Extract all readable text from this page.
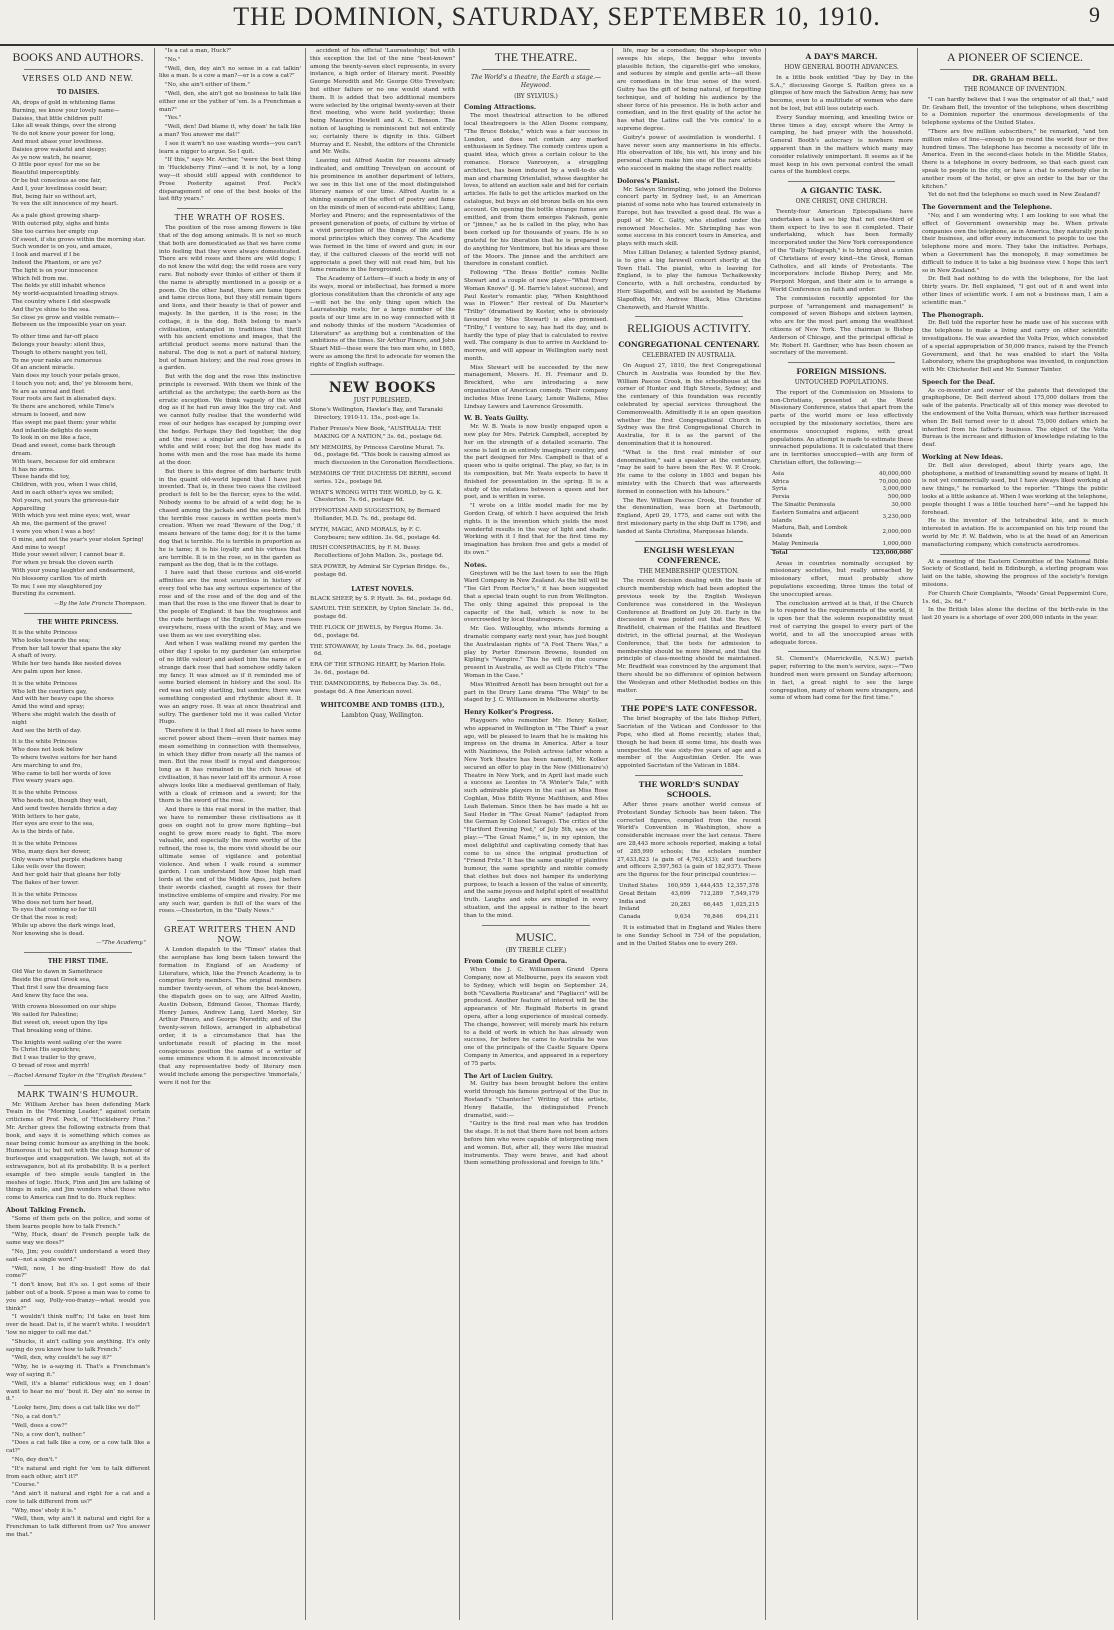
THE DOMINION, SATURDAY, SEPTEMBER 10, 1910.	9
BOOKS AND AUTHORS.
VERSES OLD AND NEW.
TO DAISIES.
Ah, drops of gold in whitening flame
Burning, we know your lovely name—
Daisies, that little children pull!
Like all weak things, over the strong
Ye do not know your power for long,
And must abase your loveliness.
Daisies grow wakeful and sleepy;
As ye now watch, he nearer,
O little poor eyes! for me so be
Beautiful imperceptibly.
Or be but conscious as one fair,
And I, your loveliness could bear;
But, being fair so without art,
Ye vex the silt innocence of my heart.
As a pale ghost growing sharp-
With outcried pity, sighs and hints
She too carries her empty cup
Of sweet, if she grows within the morning star.
Such wonder is on you, and amaze,
I look and marvel if I be
Indeed the Phantom, or are ye?
The light is on your innocence
Which fell from me.
The fields ye still inhabit whence
My world-acquainted treading strays.
The country where I did sleepwalk
And the'ye shine to the sea.
So close ye grow and visible remain—
Between us the impossible year on year.
To other time and far-off place
Belongs your beauty: silent thus,
Though to others naught you tell,
To me your ranks are rumorous
Of an ancient miracle.
Vain does my touch your petals graze,
I touch you not; and, tho' ye blossom here,
Ye are as unreal and fleet
Your roots are fast in alienated days.
Ye there are anchored, while Time's
stream is loosed, and now
Has swept me past them: your white
And infantile delights do seem
To look in on me like a face,
Dead and sweet, come back through
dream.
With tears, because for old embrace
It has no arms.
These hands did toy,
Children, with you, when I was child,
And in each other's eyes we smiled;
Not yours, not yours the grievous-fair
Apparelling
With which you wet mine eyes; wet, wear
Ah me, the garment of the grave!
I wore you when I was a boy!
O mine, and not the year's your stolen Spring!
And mine to weep!
Hide your sweet silver; I cannot bear it.
For when ye break the cloven earth
With your young laughter and endearment,
No blossomy carillon 'tis of mirth
To me; I see my slaughtered joy
Bursting its cerement.
—By the late Francis Thompson.
THE WHITE PRINCESS.
It is the white Princess
Who looks towards the sea;
From her tall tower that spans the sky
A shaft of ivory.
While her two hands like nested doves
Are palm upon her knee.
It is the white Princess
Who left the courtiers gay,
And with her heavy cape the shores
Amid the wind and spray;
Where she might watch the death of
night
And see the birth of day.
It is the white Princess
Who does not look below
To where twelve suitors for her hand
Are marching to and fro,
Who came to tell her words of love
Five weary years ago.
It is the white Princess
Who heeds not, though they wait,
And send twelve heralds thrice a day
With letters to her gate,
Her eyes are ever to the sea,
As is the birds of fate.
It is the white Princess
Who, many days her dower,
Only wears what purple shadows hang
Like veils over the flower;
And her gold hair that gleans her folly
The flakes of her tower.
It is the white Princess
Who does not turn her head,
To eyes that coming so far till
Or that the rose is red;
While up above the dark wings lead,
Nor knowing she is dead.
—"The Academy."
THE FIRST TIME.
Old War to dawn in Samothrace
Beside the great Greek sea,
That first I saw the dreaming face
And knew thy face the sea.
With crowns blossomed on our ships
We sailed for Palestine;
But sweet oh, sweet upon thy lips
That breaking song of thine.
The knights went sailing o'er the wave
To Christ His sepulchre;
But I was trailer to thy grave,
O bread of rose and myrrh!
—Rachel Annand Taylor in the "English Review."
MARK TWAIN'S HUMOUR.

Mr. William Archer has been defending Mark Twain in the "Morning Leader," against certain criticisms of Prof. Peck, of "Huckleberry Finn." Mr. Archer gives the following extracts from that book, and says it is something which comes as near being comic humour as anything in the book. Humorous it is; but not with the cheap humour of burlesque and exaggeration. We laugh, not at its extravagance, but at its probability. It is a perfect example of two simple souls tangled in the meshes of logic. Huck, Finn and Jim are talking of things in exile, and Jim wonders what those who come to America can find to do. Huck replies:

About Talking French.

"Some of them gets on the police, and some of them learns people how to talk French."

"Why, Huck, doan' de French people talk de same way we does?"

"No, Jim; you couldn't understand a word they said—not a single word."

"Well, now, I be ding-busted! How do dat come?"

"I don't know, but it's so. I got some of their jabber out of a book. S'pose a man was to come to you and say, Polly-voo-franzy—what would you think?"

"I wouldn't think nuff'n; I'd take en bust him over de head. Dat is, if he warn't white. I wouldn't 'low no nigger to call me dat."

"Shucks, it ain't calling you anything. It's only saying do you know how to talk French."

"Well, den, why couldn't he say it?"

"Why, he is a-saying it. That's a Frenchman's way of saying it."

"Well, it's a blame' ridicklous way, en I doan' want to hear no mo' 'bout it. Dey ain' no sense in it."

"Looky here, Jim; does a cat talk like we do?"

"No, a cat don't."

"Well, does a cow?"

"No, a cow don't, nuther."

"Does a cat talk like a cow, or a cow talk like a cat?"

"No, dey don't."

"It's natural and right for 'em to talk different from each other, ain't it?"

"Course."

"And ain't it natural and right for a cat and a cow to talk different from us?"

"Why, mos' sholy it is."

"Well, then, why ain't it natural and right for a Frenchman to talk different from us? You answer me that."

"Is a cat a man, Huck?"

"No."

"Well, den, dey ain't no sense in a cat talkin' like a man. Is a cow a man?—er is a cow a cat?"

"No, she ain't either of them."

"Well, den, she ain't got no business to talk like either one er the yuther of 'em. Is a Frenchman a man?"

"Yes."

"Well, den! Dad blame it, why doan' he talk like a man? You answer me dat!"

I see it warn't no use wasting words—you can't learn a nigger to argue. So I quit.

"If this," says Mr. Archer, "were the best thing in 'Huckleberry Finn'—and it is not, by a long way—it should still appeal with confidence to Prose Posterity against Prof. Peck's disparagement of one of the best books of the last fifty years."

THE WRATH OF ROSES.

The position of the rose among flowers is like that of the dog among animals. It is not so much that both are domesticated as that we have come into feeling that they were always domesticated. There are wild roses and there are wild dogs; I do not know the wild dog; the wild roses are very rare. But nobody ever thinks of either of them if the name is abruptly mentioned in a gossip or a poem. On the other hand, there are tame tigers and tame circus lions, but they still remain tigers and lions, and their beauty is that of power and majesty. In the garden, it is the rose; in the cottage, it is the dog. Both belong to man's civilisation, entangled in traditions that thrill with his ancient emotions and images, that the artificial product seems more natural than the natural. The dog is not a part of natural history, but of human history; and the real rose grows in a garden.

But with the dog and the rose this instinctive principle is reversed. With them we think of the artificial as the archetype; the earth-born as the erratic exception. We think vaguely of the wild dog as if he had run away like the tiny cat. And we cannot fully realise that the wonderful wild rose of our hedges has escaped by jumping over the hedge. Perhaps they fled together, the dog and the rose: a singular and fine beast and a white and wild rose; but the dog has made its home with men and the rose has made its home at the door.

But there is this degree of dim barbaric truth in the quaint old-world legend that I have just invented. That is, in these two cases the civilised product is felt to be the fiercer, eyes to the wild. Nobody seems to be afraid of a wild dog; he is chased among the jackals and the sea-birds. But the terrible rose causes in written poets men's creation. When we read 'Beware of the Dog,' it means beware of the tame dog; for it is the tame dog that is terrible. He is terrible in proportion as he is tame; it is his loyalty and his virtues that are terrible. It is in the rose, so in the garden as rampant as the dog, that is in the cottage.

I have said that these curious and old-world affinities are the most scurrilous in history of every fool who has any serious experience of the rose and of the rose and of the dog and of the man that the rose is the one flower that is dear to the people of England: it has the roughness and the rude heritage of the English. We have roses everywhere, roses with the scent of May, and we use them as we use everything else.

And when I was walking round my garden the other day I spoke to my gardener (an enterprise of no little valour) and asked him the name of a strange dark rose that had somehow oddly taken my fancy. It was almost as if it reminded me of some buried element in history and the soul. Its red was not only startling, but sombre; there was something congested and rhythmic about it. It was an angry rose. It was at once theatrical and sultry. The gardener told me it was called Victor Hugo.

Therefore it is that I feel all roses to have some secret power about them—even their names may mean something in connection with themselves, in which they differ from nearly all the names of men. But the rose itself is royal and dangerous; long as it has remained in the rich house of civilisation, it has never laid off its armour. A rose always looks like a mediaeval gentleman of Italy, with a cloak of crimson and a sword; for the thorn is the sword of the rose.

And there is this real moral in the matter, that we have to remember these civilisations as it goes on ought not to grow more fighting—but ought to grow more ready to fight. The more valuable, and especially the more worthy of the refined, the rose is, the more vivid should be our ultimate sense of vigilance and potential violence. And when I walk round a summer garden, I can understand how those high mad lords at the end of the Middle Ages, just before their swords clashed, caught at roses for their instinctive emblems of empire and rivalry. For me any such war, garden is full of the wars of the roses.—Chesterton, in the "Daily News."

GREAT WRITERS THEN AND NOW.

A London dispatch to the "Times" states that the aeroplane has long been taken toward the formation in England of an Academy of Literature, which, like the French Academy, is to comprise forty members. The original members number twenty-seven, of whom the best-known, the dispatch goes on to say, are Alfred Austin, Austin Dobson, Edmund Gosse, Thomas Hardy, Henry James, Andrew Lang, Lord Morley, Sir Arthur Pinero, and George Meredith; and of the twenty-seven fellows, arranged in alphabetical order, it is a circumstance that has the unfortunate result of placing in the most conspicuous position the name of a writer of some eminence whom it is almost inconceivable that any representative body of literary men would include among the perspective 'immortals,' were it not for the

accident of his official 'Laureateship;' but with this exception the list of the nine "best-known" among the twenty-seven elect represents, in every instance, a high order of literary merit. Possibly George Meredith and Mr. George Otto Trevelyan; but either failure or no one would stand with them. It is added that two additional members were selected by the original twenty-seven at their first meeting, who were held yesterday; these being Maurice Hewlett and A. C. Benson. The notion of laughing is reminiscent but not entirely so; certainly there is dignity in this. Gilbert Murray and E. Nesbit, the editors of the Chronicle and Mr. Wells.

Leaving out Alfred Austin for reasons already indicated, and omitting Trevelyan on account of his prominence in another department of letters, we see in this list one of the most distinguished literary names of our time. Alfred Austin is a shining example of the effect of poetry and fame on the minds of men of second-rate abilities; Lang, Morley and Pinero; and the representatives of the present generation of poets, of culture by virtue of a vivid perception of the things of life and the moral principles which they convey. The Academy was formed in the time of sword and gun; in our day, if the cultured classes of the world will not appreciate a poet they will not read him, but his fame remains in the foreground.

The Academy of Letters—if such a body in any of its ways, moral or intellectual, has formed a more glorious constitution than the chronicle of any age—will not be the only thing upon which the Laureateship rests; for a large number of the poets of our time are in no way connected with it and nobody thinks of the modern "Academies of Literature" as anything but a combination of the ambitions of the times. Sir Arthur Pinero, and John Stuart Mill—these were the two men who, in 1865, were as among the first to advocate for women the rights of English suffrage.

NEW BOOKS
JUST PUBLISHED.
Stone's Wellington, Hawke's Bay, and Taranaki Directory, 1910-11. 15s., post-age 1s.
Fisher Preuss's New Book, "AUSTRALIA: THE MAKING OF A NATION," 3s. 6d., postage 6d.
MY MEMOIRS, by Princess Caroline Murat. 7s. 6d., postage 6d. "This book is causing almost as much discussion in the Coronation Recollections.
MEMOIRS OF THE DUCHESS DE BERRI, second series. 12s., postage 9d.
WHAT'S WRONG WITH THE WORLD, by G. K. Chesterton. 7s. 6d., postage 6d.
HYPNOTISM AND SUGGESTION, by Bernard Hollander, M.D. 7s. 6d., postage 6d.
MYTH, MAGIC, AND MORALS, by F. C. Conybeare; new edition. 3s. 6d., postage 4d.
IRISH CONSPIRACIES, by F. M. Bussy. Recollections of John Mallon. 3s., postage 6d.
SEA POWER, by Admiral Sir Cyprian Bridge. 6s., postage 6d.
LATEST NOVELS.
BLACK SHEEP, by S. P. Hyatt. 3s. 6d., postage 6d.
SAMUEL THE SEEKER, by Upton Sinclair. 3s. 6d., postage 6d.
THE FLOCK OF JEWELS, by Fergus Hume. 3s. 6d., postage 6d.
THE STOWAWAY, by Louis Tracy. 3s. 6d., postage 6d.
ERA OF THE STRONG HEART, by Marion Hole. 3s. 6d., postage 6d.
THE DAMNODDERS, by Rebecca Day. 3s. 6d., postage 6d. A fine American novel.
WHITCOMBE AND TOMBS (LTD.),
Lambton Quay, Wellington.
THE THEATRE.
The World's a theatre, the Earth a stage.—Heywood.
(BY SYLVIUS.)
Coming Attractions.

The most theatrical attraction to be offered local theatregoers is the Allen Doone company, "The Bruce Boteke," which was a fair success in London, and does not contain any marked enthusiasm in Sydney. The comedy centres upon a quaint idea, which gives a certain colour to the romance. Horace Vanrooyen, a struggling architect, has been induced by a well-to-do old man and charming Orientalist, whose daughter he loves, to attend an auction sale and bid for certain articles. He fails to get the articles marked on the catalogue, but buys an old bronze bells on his own account. On opening the bottle strange fumes are emitted, and from them emerges Fakrash, genie or "jinnee," as he is called in the play, who has been corked up for thousands of years. He is so grateful for his liberation that he is prepared to do anything for Ventimore, but his ideas are those of the Moors. The jinnee and the architect are therefore in constant conflict.

Following "The Brass Bottle" comes Nellie Stewart and a couple of new plays—"What Every Woman Knows" (J. M. Barrie's latest success), and Paul Kester's romantic play, "When Knighthood was in Flower." Her revival of Du Maurier's "Trilby" (dramatised by Kester, who is obviously favoured by Miss Stewart) is also promised. "Trilby," I venture to say, has had its day, and is hardly the type of play that is calculated to revive well. The company is due to arrive in Auckland to-morrow, and will appear in Wellington early next month.

Miss Stewart will be succeeded by the new management, Messrs. H. H. Fremaur and D. Breckford, who are introducing a new organization of American comedy. Their company includes Miss Irene Leary, Lenoir Wallens, Miss Lindsay Lewers and Lawrence Grossmith.

W. B. Yeats Guilty.

Mr. W. B. Yeats is now busily engaged upon a new play for Mrs. Patrick Campbell, accepted by her on the strength of a detailed scenario. The scene is laid in an entirely imaginary country, and the part designed for Mrs. Campbell is that of a queen who is quite original. The play, so far, is in its composition, but Mr. Yeats expects to have it finished for presentation in the spring. It is a study of the relations between a queen and her poet, and is written in verse.

"I wrote on a little model made for me by Gordon Craig, of which I have acquired the Irish rights. It is the invention which yields the most wonderful results in the way of light and shade. Working with it I find that for the first time my imagination has broken free and gets a model of its own."

Notes.

Greytown will be the last town to see the High Ward Company in New Zealand. As the bill will be "Tee Girl From Rector's," it has been suggested that a special train ought to run from Wellington. The only thing against this proposal is the capacity of the hall, which is now to be overcrowded by local theatregoers.

Mr. Geo. Willoughby, who intends forming a dramatic company early next year, has just bought the Australasian rights of "A Fool There Was," a play by Porter Emerson Browne, founded on Kipling's "Vampire." This he will in due course present in Australia, as well as Clyde Fitch's "The Woman in the Case."

Miss Winifred Arnott has been brought out for a part in the Drury Lane drama "The Whip" to be staged by J. C. Williamson in Melbourne shortly.

Henry Kolker's Progress.

Playgoers who remember Mr. Henry Kolker, who appeared in Wellington in "The Thief" a year ago, will be pleased to learn that he is making his impress on the drama in America. After a tour with Nazimova, the Polish actress (after whom a New York theatre has been named), Mr. Kolker secured an offer to play in the New (Millionaire's) Theatre in New York, and in April last made such a success as Leontes in "A Winter's Tale," with such admirable players in the cast as Miss Rose Coghlan, Miss Edith Wynne Matthison, and Miss Leah Bateman. Since then he has made a hit as Saul Heder in "The Great Name" (adapted from the German by Colonel Savage). The critics of the "Hartford Evening Post," of July 5th, says of the play:—"The Great Name," is, in my opinion, the most delightful and captivating comedy that has come to us since the original production of "Friend Fritz." It has the same quality of plaintive humour, the same sprightly and nimble comedy that clothes but does not hamper its underlying purpose, to teach a lesson of the value of sincerity, and the same joyous and helpful spirit of wealthful truth. Laughs and sobs are mingled in every situation, and the appeal is rather to the heart than to the mind.

MUSIC.
(BY TREBLE CLEF.)
From Comic to Grand Opera.

When the J. C. Williamson Grand Opera Company, now at Melbourne, pays its season visit to Sydney, which will begin on September 24, both "Cavalleria Rusticana" and "Pagliacci" will be produced. Another feature of interest will be the appearance of Mr. Reginald Roberts in grand opera, after a long experience of musical comedy. The change, however, will merely mark his return to a field of work in which he has already won success, for before he came to Australia he was one of the principals of the Castle Square Opera Company in America, and appeared in a repertory of 75 parts.

The Art of Lucien Guitry.

M. Guitry has been brought before the entire world through his famous portrayal of the Duc in Rostand's "Chantecler." Writing of this artiste, Henry Bataille, the distinguished French dramatist, said:—

"Guitry is the first real man who has trodden the stage. It is not that there have not been actors before him who were capable of interpreting men and women. But, after all, they were like musical instruments. They were brave, and had about them something professional and foreign to life."

life, may be a comedian; the shop-keeper who sweeps his steps, the beggar who invents plausible fiction, the cigarette-girl who smokes, and seduces by simple and gentle arts—all these are comedians in the true sense of the word. Guitry has the gift of being natural, of forgetting technique, and of holding his audience by the sheer force of his presence. He is both actor and comedian, and in the first quality of the actor he has what the Latins call the 'vis comica' to a supreme degree.

Guitry's power of assimilation is wonderful. I have never seen any mannerisms in his effects. His observation of life, his wit, his irony and his personal charm make him one of the rare artists who succeed in making the stage reflect reality.

Dolores's Pianist.

Mr. Selwyn Shrimpling, who joined the Dolores concert party in Sydney last, is an American pianist of some note who has toured extensively in Europe, but has travelled a good deal. He was a pupil of Mr. C. Gatty, who studied under the renowned Moscheles. Mr. Shrimpling has won some success in his concert tours in America, and plays with much skill.

Miss Lillian Delaney, a talented Sydney pianist, is to give a big farewell concert shortly at the Town Hall. The pianist, who is leaving for England, is to play the famous Tschaikowsky Concerto, with a full orchestra, conducted by Herr Slapoffski, and will be assisted by Madame Slapoffski, Mr. Andrew Black, Miss Christine Chenoweth, and Harold Whittle.

RELIGIOUS ACTIVITY.
CONGREGATIONAL CENTENARY.
CELEBRATED IN AUSTRALIA.

On August 27, 1810, the first Congregational Church in Australia was founded by the Rev. William Pascoe Crook, in the schoolhouse at the corner of Hunter and High Streets, Sydney; and the centenary of this foundation was recently celebrated by special services throughout the Commonwealth. Admittedly it is an open question whether the first Congregational Church in Sydney was the first Congregational Church in Australia, for it is as the parent of the denomination that it is honoured.

"What is the first real minister of our denomination," said a speaker at the centenary, "may be said to have been the Rev. W. P. Crook. He came to the colony in 1803 and began his ministry with the Church that was afterwards formed in connection with his labours."

The Rev. William Pascoe Crook, the founder of the denomination, was born at Dartmouth, England, April 29, 1775, and came out with the first missionary party in the ship Duff in 1796, and landed at Santa Christina, Marquesas Islands.

ENGLISH WESLEYAN CONFERENCE.
THE MEMBERSHIP QUESTION.

The recent decision dealing with the basis of church membership which had been adopted the previous week by the English Wesleyan Conference was considered in the Wesleyan Conference at Bradford on July 26. Early in the discussion it was pointed out that the Rev. W. Bradfield, chairman of the Halifax and Bradford district, in the official journal, at the Wesleyan Conference, that the tests for admission to membership should be more liberal, and that the principle of class-meeting should be maintained. Mr. Bradfield was convinced by the argument that there should be no difference of opinion between the Wesleyan and other Methodist bodies on this matter.

THE POPE'S LATE CONFESSOR.

The brief biography of the late Bishop Pifferi, Sacristan of the Vatican and Confessor to the Pope, who died at Rome recently, states that, though he had been ill some time, his death was unexpected. He was sixty-five years of age and a member of the Augustinian Order. He was appointed Sacristan of the Vatican in 1884.

THE WORLD'S SUNDAY SCHOOLS.

After three years another world census of Protestant Sunday Schools has been taken. The corrected figures, compiled from the recent World's Convention in Washington, show a considerable increase over the last census. There are 28,443 more schools reported, making a total of 285,999 schools; the scholars number 27,433,823 (a gain of 4,763,433); and teachers and officers 2,597,563 (a gain of 182,937). These are the figures for the four principal countries:—

United States	160,959	1,444,455	12,357,378
Great Britain	43,699	712,289	7,549,179
India and Ireland	20,283	66,445	1,025,215
Canada	9,634	76,846	694,211

It is estimated that in England and Wales there is one Sunday School in 734 of the population, and in the United States one to every 269.

A DAY'S MARCH.
HOW GENERAL BOOTH ADVANCES.

In a little book entitled "Day by Day in the S.A.," discussing George S. Railton gives us a glimpse of how much the Salvation Army, has now become, even to a multitude of women who dare not be lost, but still less outstrip each.

Every Sunday morning, and kneeling twice or three times a day, except where the Army is camping, he had prayer with the household. General Booth's autocracy is nowhere more apparent than in the matters which many may consider relatively unimportant. It seems as if he must keep in his own personal control the small cares of the humblest corps.

A GIGANTIC TASK.
ONE CHRIST, ONE CHURCH.

Twenty-four American Episcopalians have undertaken a task so big that not one-third of them expect to live to see it completed. Their undertaking, which has been formally incorporated under the New York correspondence of the "Daily Telegraph," is to bring about a union of Christians of every kind—the Greek, Roman Catholics, and all kinds of Protestants. The incorporators include Bishop Perry, and Mr. Pierpont Morgan, and their aim is to arrange a World Conference on faith and order.

The commission recently appointed for the purpose of "arrangement and management" is composed of seven Bishops and sixteen laymen, who are for the most part among the wealthiest citizens of New York. The chairman is Bishop Anderson of Chicago, and the principal official is Mr. Robert H. Gardiner, who has been chosen as secretary of the movement.

FOREIGN MISSIONS.
UNTOUCHED POPULATIONS.

The report of the Commission on Missions to non-Christians, presented at the World Missionary Conference, states that apart from the parts of the world more or less effectively occupied by the missionary societies, there are enormous unoccupied regions, with great populations. An attempt is made to estimate these unreached populations. It is calculated that there are in territories unoccupied—with any form of Christian effort, the following:—

Asia	40,000,000
Africa	70,000,000
Syria	3,000,000
Persia	500,000
The Sinaitic Peninsula	30,000
Eastern Sumatra and adjacent islands	3,230,000
Madura, Bali, and Lombok Islands	2,000,000
Malay Peninsula	1,000,000
Total	123,000,000

Areas in countries nominally occupied by missionary societies, but really unreached by missionary effort, must probably show populations exceeding, three times the total of the unoccupied areas.

The conclusion arrived at is that, if the Church is to respond to the requirements of the world, it is upon her that the solemn responsibility must rest of carrying the gospel to every part of the world, and to all the unoccupied areas with adequate forces.

St. Clement's (Marrickville, N.S.W.) parish paper, referring to the men's service, says:—"Two hundred men were present on Sunday afternoon; in fact, a great night to see the large congregation, many of whom were strangers, and some of whom had come for the first time."

A PIONEER OF SCIENCE.
DR. GRAHAM BELL.
THE ROMANCE OF INVENTION.

"I can hardly believe that I was the originator of all that," said Dr. Graham Bell, the inventor of the telephone, when describing to a Dominion reporter the enormous developments of the telephone systems of the United States.

"There are five million subscribers," he remarked, "and ten million miles of line—enough to go round the world four or five hundred times. The telephone has become a necessity of life in America. Even in the second-class hotels in the Middle States, there is a telephone in every bedroom, so that each guest can speak to people in the city, or have a chat to somebody else in another room of the hotel, or give an order to the bar or the kitchen."

Yet do not find the telephone so much used in New Zealand?

The Government and the Telephone.

"No; and I am wondering why. I am looking to see what the effect of Government ownership may be. When private companies own the telephone, as in America, they naturally push their business, and offer every inducement to people to use the telephone more and more. They take the initiative. Perhaps, when a Government has the monopoly, it may sometimes be difficult to induce it to take a big business view. I hope this isn't so in New Zealand."

Dr. Bell had nothing to do with the telephone, for the last thirty years. Dr. Bell explained, "I got out of it and went into other lines of scientific work. I am not a business man, I am a scientific man."

The Phonograph.

Dr. Bell told the reporter how he made use of his success with the telephone to make a living and carry on other scientific investigations. He was awarded the Volta Prize, which consisted of a special appropriation of 50,000 francs, raised by the French Government, and that he was enabled to start the Volta Laboratory, where the graphophone was invented, in conjunction with Mr. Chichester Bell and Mr. Sumner Tainter.

Speech for the Deaf.

As co-inventor and owner of the patents that developed the graphophone, Dr. Bell derived about 175,000 dollars from the sale of the patents. Practically all of this money was devoted to the endowment of the Volta Bureau, which was further increased when Dr. Bell turned over to it about 75,000 dollars which he inherited from his father's business. The object of the Volta Bureau is the increase and diffusion of knowledge relating to the deaf.

Working at New Ideas.

Dr. Bell also developed, about thirty years ago, the photophone, a method of transmitting sound by means of light. It is not yet commercially used, but I have always liked working at new things," he remarked to the reporter. "Things the public looks at a little askance at. When I was working at the telephone, people thought I was a little touched here"—and he tapped his forehead.

He is the inventor of the tetrahedral kite, and is much interested in aviation. He is accompanied on his trip round the world by Mr. F. W. Baldwin, who is at the head of an American manufacturing company, which constructs aerodromes.

At a meeting of the Eastern Committee of the National Bible Society of Scotland, held in Edinburgh, a sterling program was laid on the table, showing the progress of the society's foreign missions.

For Church Choir Complaints, "Woods' Great Peppermint Cure, 1s. 6d., 2s. 6d."

In the British Isles alone the decline of the birth-rate in the last 20 years is a shortage of over 200,000 infants in the year.
